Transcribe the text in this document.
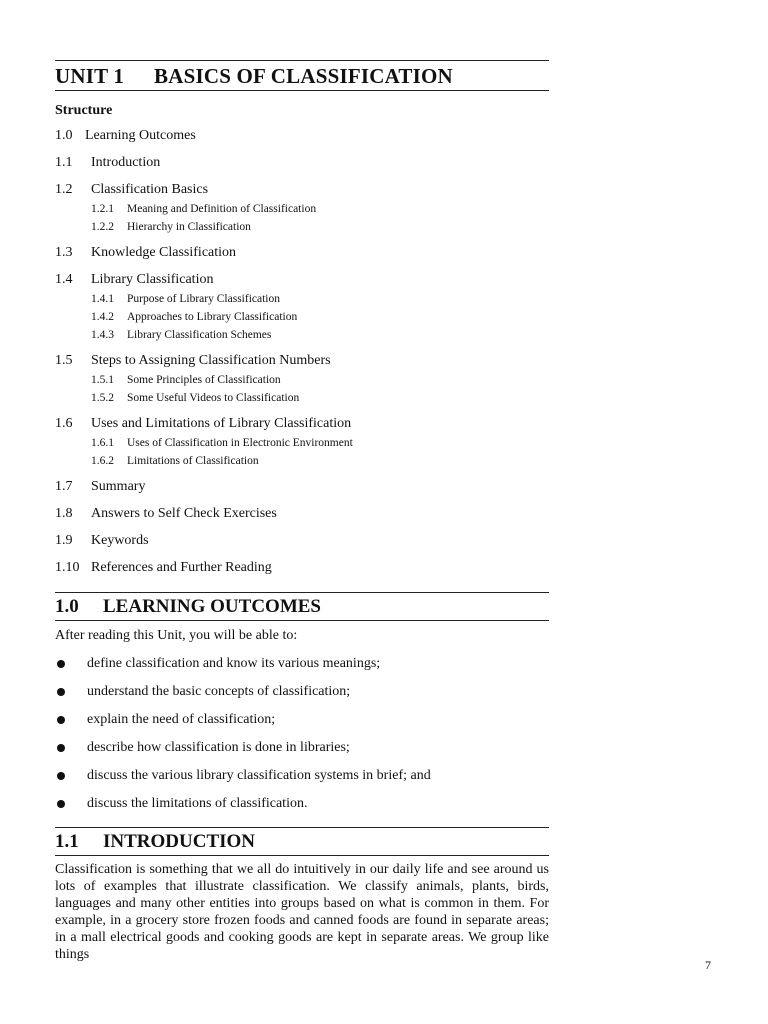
UNIT 1 BASICS OF CLASSIFICATION
Structure
1.0 Learning Outcomes
1.1	Introduction
1.2	Classification Basics
1.2.1	Meaning and Definition of Classification
1.2.2	Hierarchy in Classification
1.3	Knowledge Classification
1.4	Library Classification
1.4.1	Purpose of Library Classification
1.4.2	Approaches to Library Classification
1.4.3	Library Classification Schemes
1.5	Steps to Assigning Classification Numbers
1.5.1	Some Principles of Classification
1.5.2	Some Useful Videos to Classification
1.6	Uses and Limitations of Library Classification
1.6.1	Uses of Classification in Electronic Environment
1.6.2	Limitations of Classification
1.7	Summary
1.8	Answers to Self Check Exercises
1.9	Keywords
1.10 References and Further Reading
1.0 LEARNING OUTCOMES
After reading this Unit, you will be able to:
define classification and know its various meanings;
understand the basic concepts of classification;
explain the need of classification;
describe how classification is done in libraries;
discuss the various library classification systems in brief; and
discuss the limitations of classification.
1.1 INTRODUCTION
Classification is something that we all do intuitively in our daily life and see around us lots of examples that illustrate classification. We classify animals, plants, birds, languages and many other entities into groups based on what is common in them. For example, in a grocery store frozen foods and canned foods are found in separate areas; in a mall electrical goods and cooking goods are kept in separate areas. We group like things
7
